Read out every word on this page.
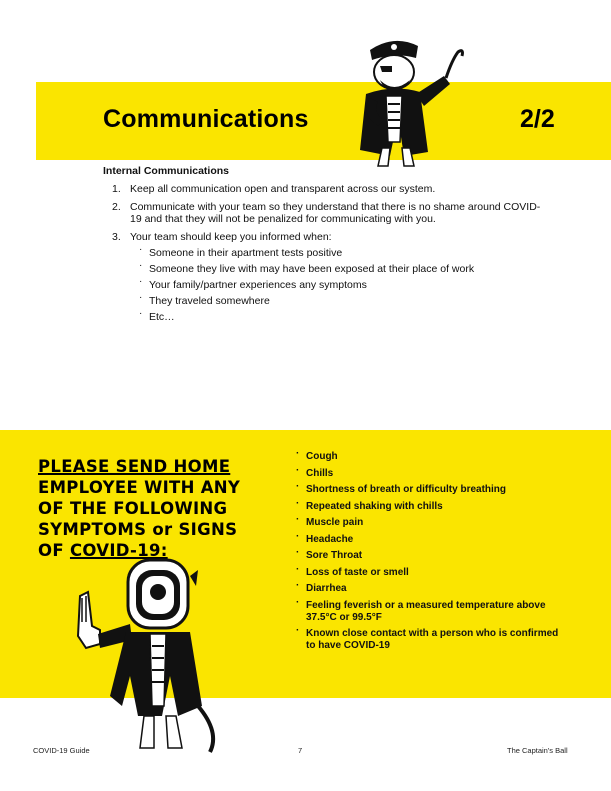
Communications	2/2
Internal Communications
1. Keep all communication open and transparent across our system.
2. Communicate with your team so they understand that there is no shame around COVID-19 and that they will not be penalized for communicating with you.
3. Your team should keep you informed when:
· Someone in their apartment tests positive
· Someone they live with may have been exposed at their place of work
· Your family/partner experiences any symptoms
· They traveled somewhere
· Etc…
PLEASE SEND HOME
EMPLOYEE WITH ANY
OF THE FOLLOWING
SYMPTOMS or SIGNS
OF COVID-19:
· Cough
· Chills
· Shortness of breath or difficulty breathing
· Repeated shaking with chills
· Muscle pain
· Headache
· Sore Throat
· Loss of taste or smell
· Diarrhea
· Feeling feverish or a measured temperature above 37.5°C or 99.5°F
· Known close contact with a person who is confirmed to have COVID-19
COVID-19 Guide	7	The Captain's Ball
